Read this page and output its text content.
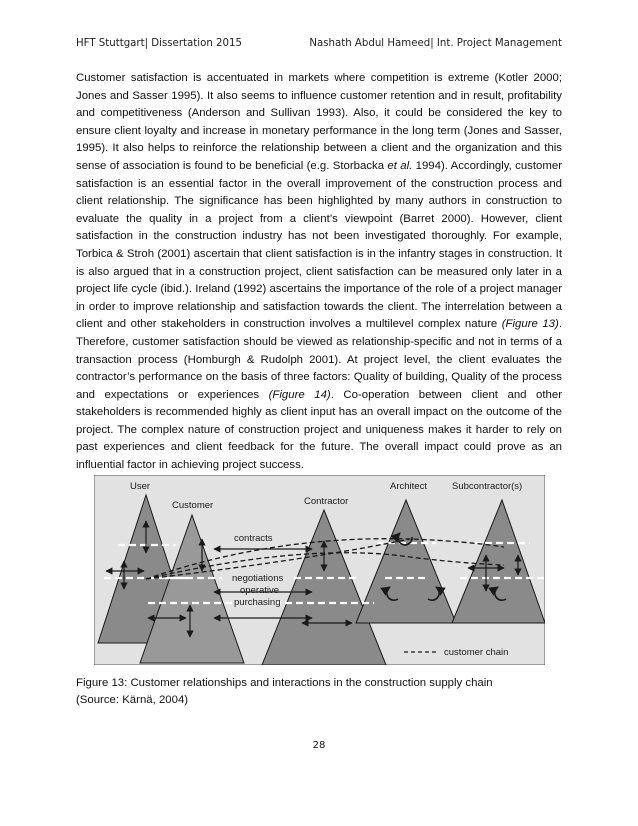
HFT Stuttgart| Dissertation 2015	Nashath Abdul Hameed| Int. Project Management

Customer satisfaction is accentuated in markets where competition is extreme (Kotler 2000; Jones and Sasser 1995). It also seems to influence customer retention and in result, profitability and competitiveness (Anderson and Sullivan 1993). Also, it could be considered the key to ensure client loyalty and increase in monetary performance in the long term (Jones and Sasser, 1995). It also helps to reinforce the relationship between a client and the organization and this sense of association is found to be beneficial (e.g. Storbacka et al. 1994). Accordingly, customer satisfaction is an essential factor in the overall improvement of the construction process and client relationship. The significance has been highlighted by many authors in construction to evaluate the quality in a project from a client’s viewpoint (Barret 2000). However, client satisfaction in the construction industry has not been investigated thoroughly. For example, Torbica & Stroh (2001) ascertain that client satisfaction is in the infantry stages in construction. It is also argued that in a construction project, client satisfaction can be measured only later in a project life cycle (ibid.). Ireland (1992) ascertains the importance of the role of a project manager in order to improve relationship and satisfaction towards the client. The interrelation between a client and other stakeholders in construction involves a multilevel complex nature (Figure 13). Therefore, customer satisfaction should be viewed as relationship-specific and not in terms of a transaction process (Homburgh & Rudolph 2001). At project level, the client evaluates the contractor’s performance on the basis of three factors: Quality of building, Quality of the process and expectations or experiences (Figure 14). Co-operation between client and other stakeholders is recommended highly as client input has an overall impact on the outcome of the project. The complex nature of construction project and uniqueness makes it harder to rely on past experiences and client feedback for the future. The overall impact could prove as an influential factor in achieving project success.

User
Customer	Contractor
Architect	Subcontractor(s)
contracts
negotiations
operative
purchasing
customer chain
Figure 13: Customer relationships and interactions in the construction supply chain
(Source: Kärnä, 2004)
28
